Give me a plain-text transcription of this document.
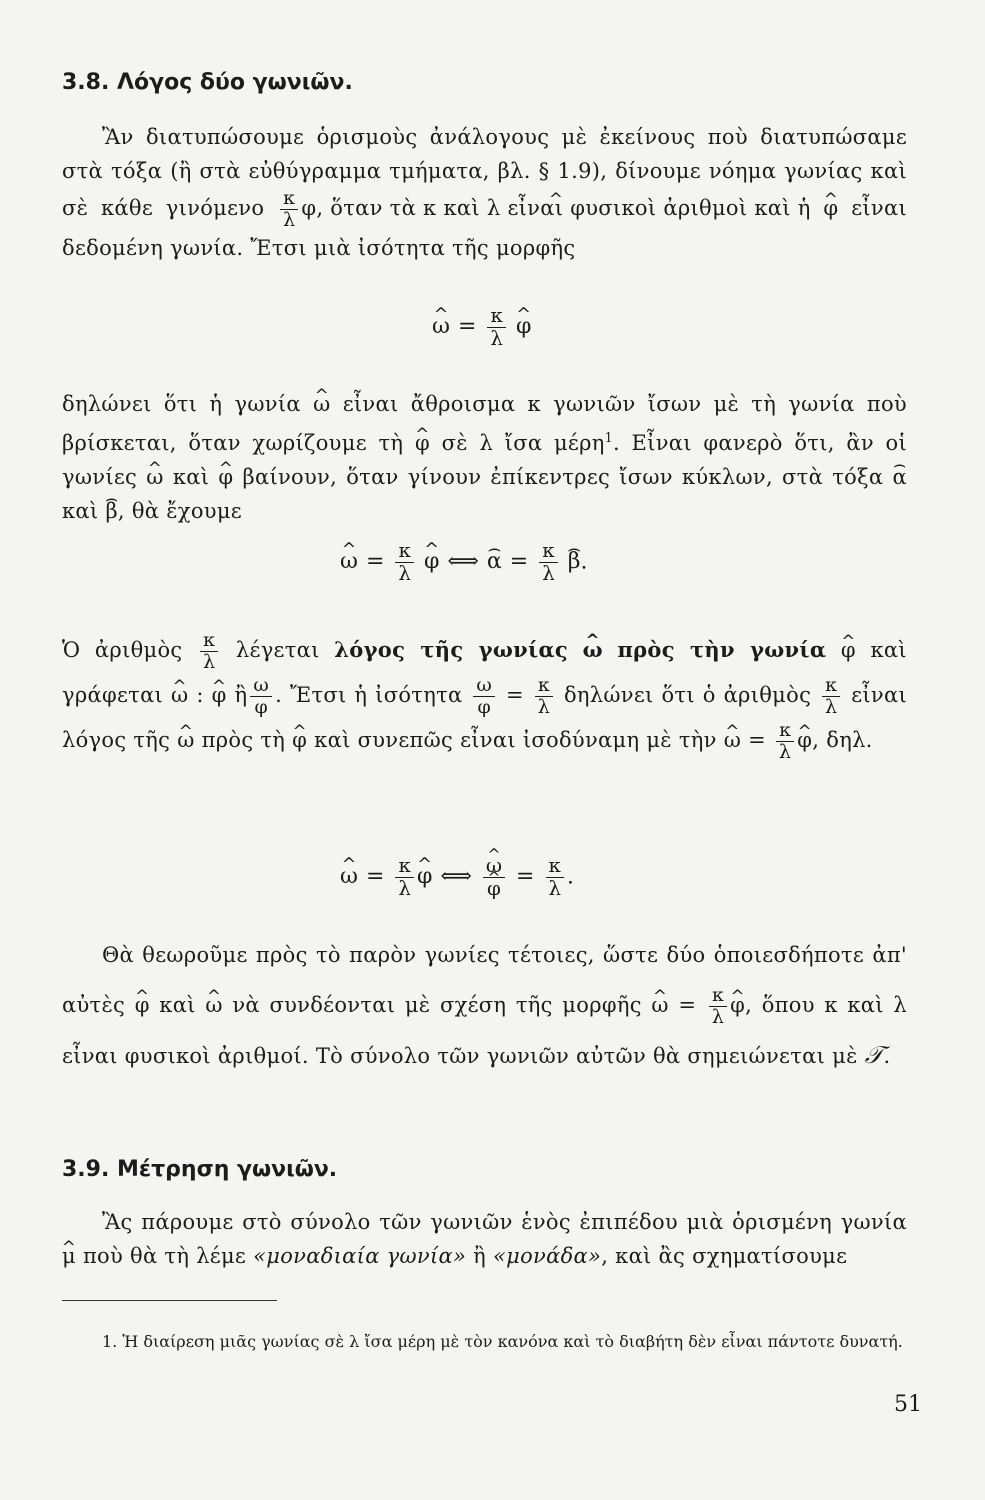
3.8. Λόγος δύο γωνιῶν.

Ἂν διατυπώσουμε ὁρισμοὺς ἀνάλογους μὲ ἐκείνους ποὺ διατυπώσαμε στὰ τόξα (ἢ στὰ εὐθύγραμμα τμήματα, βλ. § 1.9), δίνουμε νόημα γωνίας καὶ σὲ κάθε γινόμενο $\frac{\kappa}{\lambda}$ ^ φ, ὅταν τὰ κ καὶ λ εἶναι φυσικοὶ ἀριθμοὶ καὶ ἡ ^ φ εἶναι δεδομένη γωνία. Ἔτσι μιὰ ἰσότητα τῆς μορφῆς

^ $\omega = \frac{\kappa}{\lambda}$ ^ φ

δηλώνει ὅτι ἡ γωνία ^ ω εἶναι ἄθροισμα κ γωνιῶν ἴσων μὲ τὴ γωνία ποὺ βρίσκεται, ὅταν χωρίζουμε τὴ ^ φ σὲ λ ἴσα μέρη$^1$. Εἶναι φανερὸ ὅτι, ἂν οἱ γωνίες ^ ω καὶ ^ φ βαίνουν, ὅταν γίνουν ἐπίκεντρες ἴσων κύκλων, στὰ τόξα ⌢ α καὶ ⌢ β, θὰ ἔχουμε

^ $\omega = \frac{\kappa}{\lambda}$ ^ φ ⟺ ⌢ $\alpha = \frac{\kappa}{\lambda}$ ⌢ β.

Ὁ ἀριθμὸς $\frac{\kappa}{\lambda}$ λέγεται λόγος τῆς γωνίας ^ ω πρὸς τὴν γωνία ^ φ καὶ γράφεται ^ ω : ^ φ ἢ $\frac{\omega}{\varphi}$ . Ἔτσι ἡ ἰσότητα $\frac{\omega}{\varphi} = \frac{\kappa}{\lambda}$ δηλώνει ὅτι ὁ ἀριθμὸς $\frac{\kappa}{\lambda}$ εἶναι λόγος τῆς ^ ω πρὸς τὴ ^ φ καὶ συνεπῶς εἶναι ἰσοδύναμη μὲ τὴν ^ $\omega = \frac{\kappa}{\lambda}$ ^ φ, δηλ.

^ $\omega = \frac{\kappa}{\lambda}$ ^ φ ⟺ ^ ω
^ $\varphi = \frac{\kappa}{\lambda}$ .

Θὰ θεωροῦμε πρὸς τὸ παρὸν γωνίες τέτοιες, ὥστε δύο ὁποιεσδήποτε ἀπ' αὐτὲς ^ φ καὶ ^ ω νὰ συνδέονται μὲ σχέση τῆς μορφῆς ^ $\omega = \frac{\kappa}{\lambda}$ ^ φ, ὅπου κ καὶ λ εἶναι φυσικοὶ ἀριθμοί. Τὸ σύνολο τῶν γωνιῶν αὐτῶν θὰ σημειώνεται μὲ 𝒯.

3.9. Μέτρηση γωνιῶν.

Ἂς πάρουμε στὸ σύνολο τῶν γωνιῶν ἑνὸς ἐπιπέδου μιὰ ὁρισμένη γωνία ^ μ ποὺ θὰ τὴ λέμε «μοναδιαία γωνία» ἢ «μονάδα», καὶ ἂς σχηματίσουμε

1. Ἡ διαίρεση μιᾶς γωνίας σὲ λ ἴσα μέρη μὲ τὸν κανόνα καὶ τὸ διαβήτη δὲν εἶναι πάντοτε δυνατή.

51
